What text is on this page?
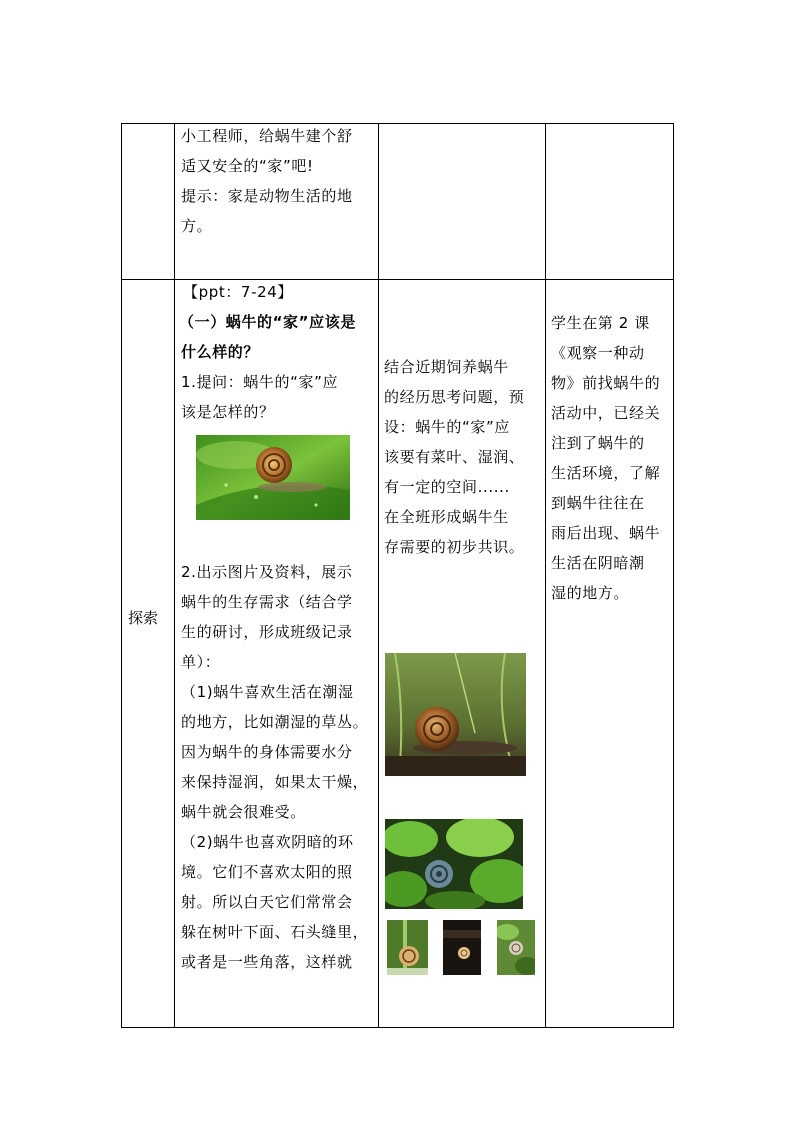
小工程师，给蜗牛建个舒

适又安全的“家”吧!

提示：家是动物生活的地

方。

探索

【ppt：7-24】

（一）蜗牛的“家”应该是

什么样的？

1.提问：蜗牛的“家”应

该是怎样的？

2.出示图片及资料，展示

蜗牛的生存需求（结合学

生的研讨，形成班级记录

单）：

（1)蜗牛喜欢生活在潮湿

的地方，比如潮湿的草丛。

因为蜗牛的身体需要水分

来保持湿润，如果太干燥，

蜗牛就会很难受。

（2)蜗牛也喜欢阴暗的环

境。它们不喜欢太阳的照

射。所以白天它们常常会

躲在树叶下面、石头缝里，

或者是一些角落，这样就

结合近期饲养蜗牛

的经历思考问题，预

设：蜗牛的“家”应

该要有菜叶、湿润、

有一定的空间......

在全班形成蜗牛生

存需要的初步共识。

学生在第 2 课

《观察一种动

物》前找蜗牛的

活动中，已经关

注到了蜗牛的

生活环境，了解

到蜗牛往往在

雨后出现、蜗牛

生活在阴暗潮

湿的地方。
